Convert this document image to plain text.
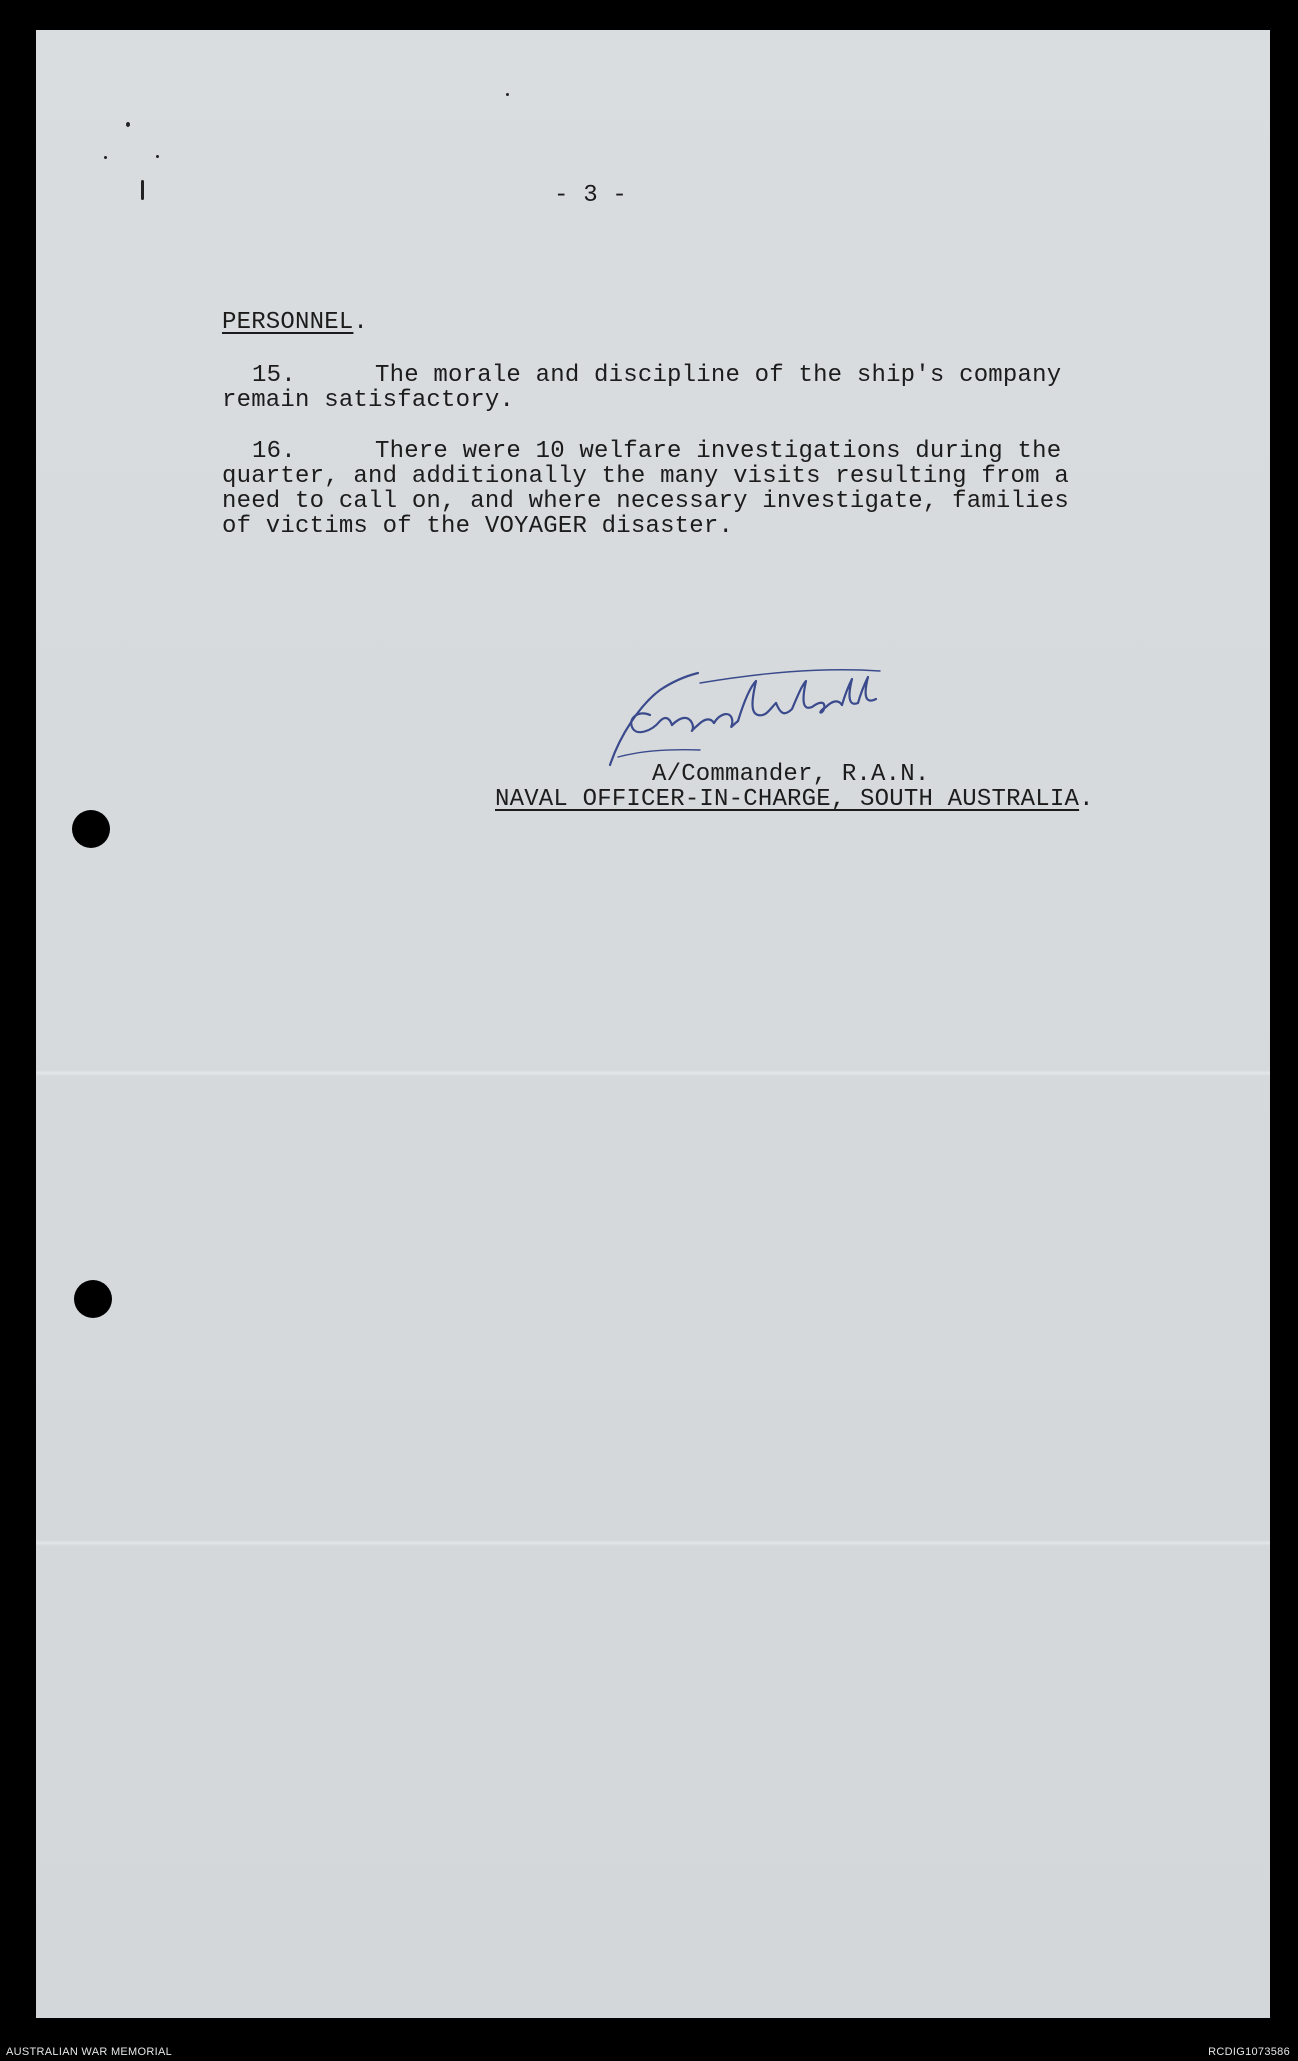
- 3 -
PERSONNEL.
15.	The morale and discipline of the ship's company
remain satisfactory.
16.	There were 10 welfare investigations during the
quarter, and additionally the many visits resulting from a
need to call on, and where necessary investigate, families
of victims of the VOYAGER disaster.
A/Commander, R.A.N.
NAVAL OFFICER-IN-CHARGE, SOUTH AUSTRALIA.
AUSTRALIAN WAR MEMORIAL	RCDIG1073586
